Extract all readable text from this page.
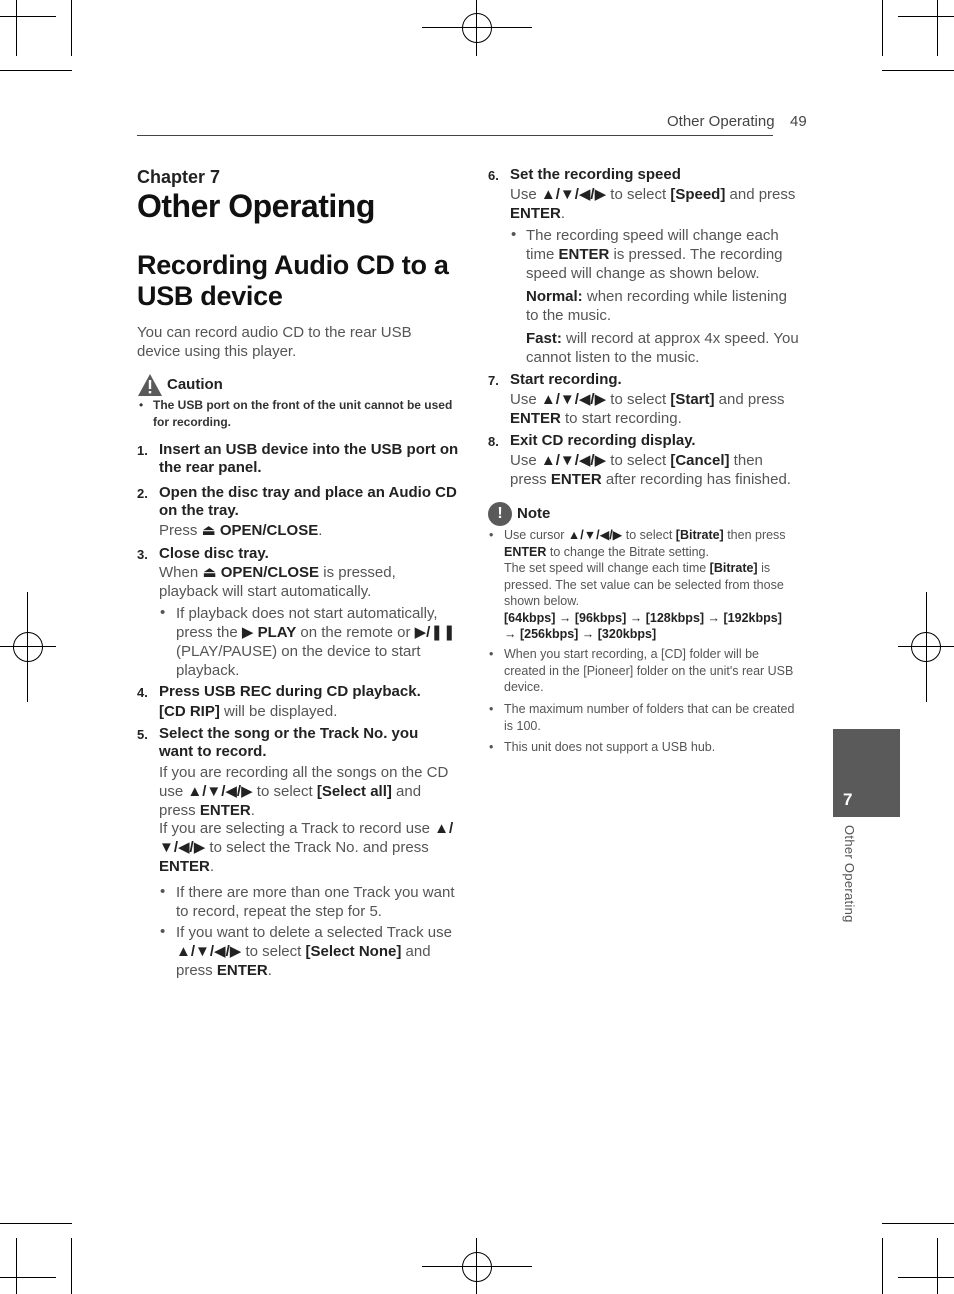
Other Operating 49
Chapter 7
Other Operating
Recording Audio CD to a USB device
You can record audio CD to the rear USB device using this player.
Caution
• The USB port on the front of the unit cannot be used for recording.
1. Insert an USB device into the USB port on the rear panel.
2. Open the disc tray and place an Audio CD on the tray.
Press ⏏ OPEN/CLOSE.
3. Close disc tray.
When ⏏ OPEN/CLOSE is pressed, playback will start automatically.
• If playback does not start automatically, press the ▶ PLAY on the remote or ▶/❚❚ (PLAY/PAUSE) on the device to start playback.
4. Press USB REC during CD playback.
[CD RIP] will be displayed.
5. Select the song or the Track No. you want to record.
If you are recording all the songs on the CD use ▲/▼/◀/▶ to select [Select all] and press ENTER.
If you are selecting a Track to record use ▲/▼/◀/▶ to select the Track No. and press ENTER.
• If there are more than one Track you want to record, repeat the step for 5.
• If you want to delete a selected Track use ▲/▼/◀/▶ to select [Select None] and press ENTER.
6. Set the recording speed
Use ▲/▼/◀/▶ to select [Speed] and press ENTER.
• The recording speed will change each time ENTER is pressed. The recording speed will change as shown below.
Normal: when recording while listening to the music.
Fast: will record at approx 4x speed. You cannot listen to the music.
7. Start recording.
Use ▲/▼/◀/▶ to select [Start] and press ENTER to start recording.
8. Exit CD recording display.
Use ▲/▼/◀/▶ to select [Cancel] then press ENTER after recording has finished.
! Note
• Use cursor ▲/▼/◀/▶ to select [Bitrate] then press ENTER to change the Bitrate setting.
The set speed will change each time [Bitrate] is pressed. The set value can be selected from those shown below.
[64kbps] → [96kbps] → [128kbps] → [192kbps]
→ [256kbps] → [320kbps]
• When you start recording, a [CD] folder will be created in the [Pioneer] folder on the unit's rear USB device.
• The maximum number of folders that can be created is 100.
• This unit does not support a USB hub.
7
Other Operating
